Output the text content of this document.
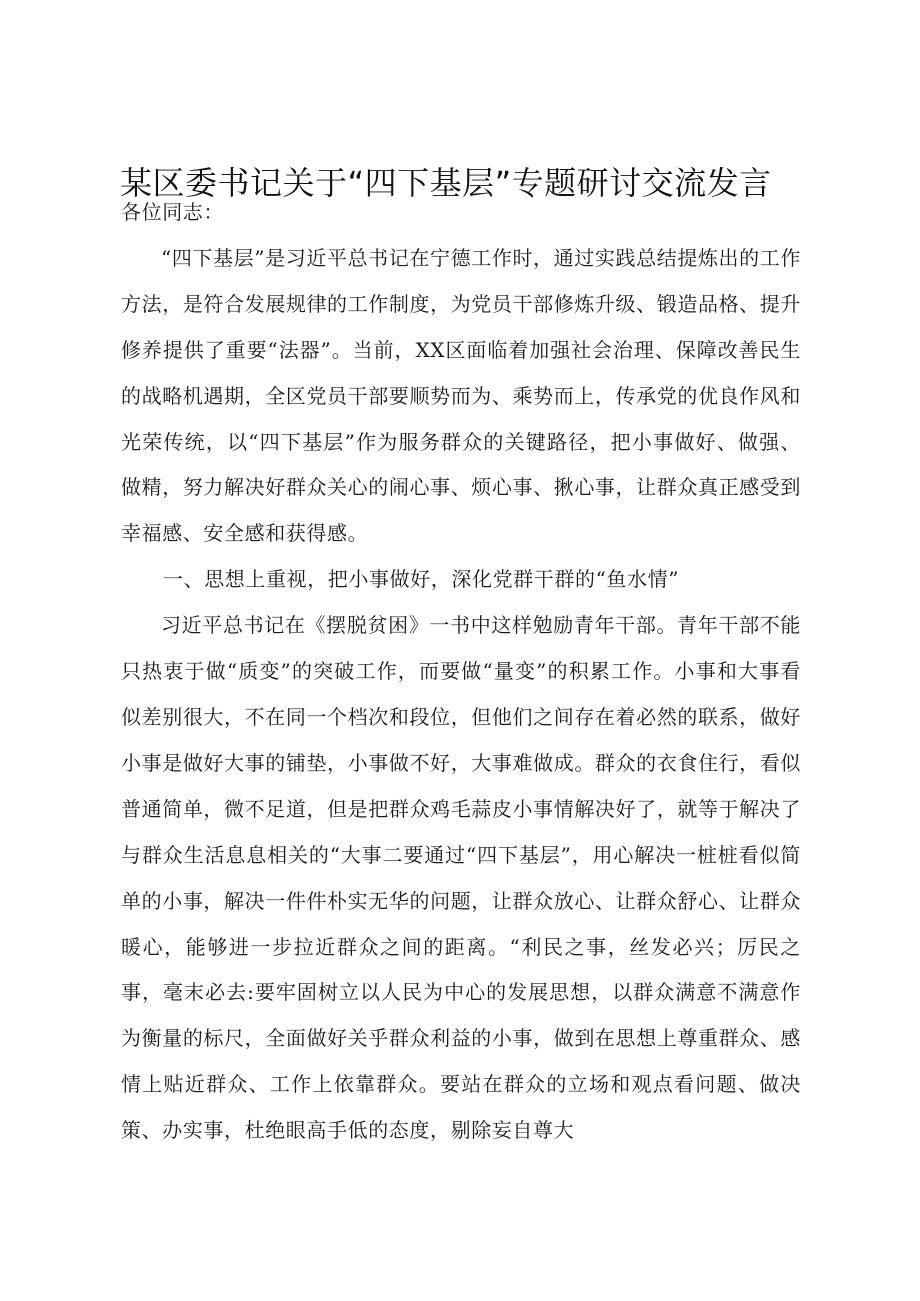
某区委书记关于“四下基层”专题研讨交流发言

各位同志：

“四下基层”是习近平总书记在宁德工作时，通过实践总结提炼出的工作方法，是符合发展规律的工作制度，为党员干部修炼升级、锻造品格、提升修养提供了重要“法器”。当前，XX区面临着加强社会治理、保障改善民生的战略机遇期，全区党员干部要顺势而为、乘势而上，传承党的优良作风和光荣传统，以“四下基层”作为服务群众的关键路径，把小事做好、做强、做精，努力解决好群众关心的闹心事、烦心事、揪心事，让群众真正感受到幸福感、安全感和获得感。

一、思想上重视，把小事做好，深化党群干群的“鱼水情”

习近平总书记在《摆脱贫困》一书中这样勉励青年干部。青年干部不能只热衷于做“质变”的突破工作，而要做“量变”的积累工作。小事和大事看似差别很大，不在同一个档次和段位，但他们之间存在着必然的联系，做好小事是做好大事的铺垫，小事做不好，大事难做成。群众的衣食住行，看似普通简单，微不足道，但是把群众鸡毛蒜皮小事情解决好了，就等于解决了与群众生活息息相关的“大事二要通过“四下基层”，用心解决一桩桩看似简单的小事，解决一件件朴实无华的问题，让群众放心、让群众舒心、让群众暖心，能够进一步拉近群众之间的距离。“利民之事，丝发必兴；厉民之事，毫末必去:要牢固树立以人民为中心的发展思想，以群众满意不满意作为衡量的标尺，全面做好关乎群众利益的小事，做到在思想上尊重群众、感情上贴近群众、工作上依靠群众。要站在群众的立场和观点看问题、做决策、办实事，杜绝眼高手低的态度，剔除妄自尊大
